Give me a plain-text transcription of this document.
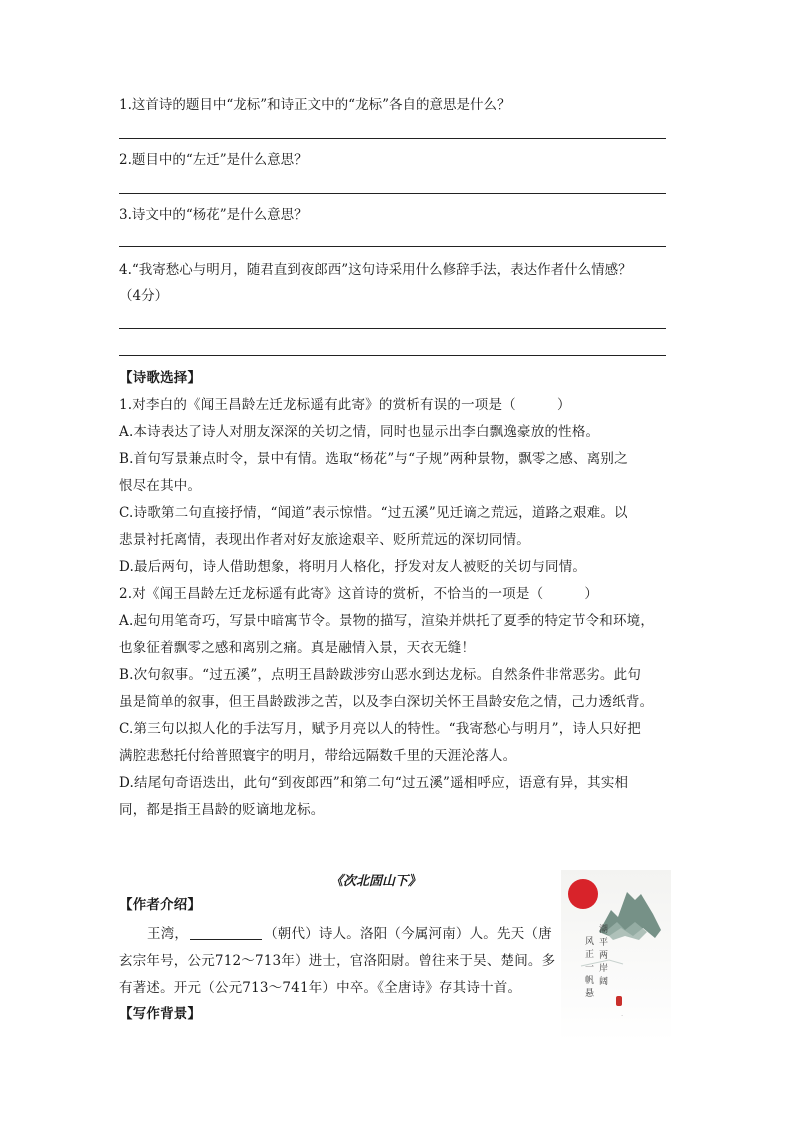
1.这首诗的题目中“龙标”和诗正文中的“龙标”各自的意思是什么？
2.题目中的“左迁”是什么意思？
3.诗文中的“杨花”是什么意思？
4.“我寄愁心与明月，随君直到夜郎西”这句诗采用什么修辞手法，表达作者什么情感？
（4分）
【诗歌选择】
1.对李白的《闻王昌龄左迁龙标遥有此寄》的赏析有误的一项是（　　　）
A.本诗表达了诗人对朋友深深的关切之情，同时也显示出李白飘逸豪放的性格。
B.首句写景兼点时令，景中有情。选取“杨花”与“子规”两种景物，飘零之感、离别之
恨尽在其中。
C.诗歌第二句直接抒情，“闻道”表示惊惜。“过五溪”见迁谪之荒远，道路之艰难。以
悲景衬托离情，表现出作者对好友旅途艰辛、贬所荒远的深切同情。
D.最后两句，诗人借助想象，将明月人格化，抒发对友人被贬的关切与同情。
2.对《闻王昌龄左迁龙标遥有此寄》这首诗的赏析，不恰当的一项是（　　　）
A.起句用笔奇巧，写景中暗寓节令。景物的描写，渲染并烘托了夏季的特定节令和环境，
也象征着飘零之感和离别之痛。真是融情入景，天衣无缝！
B.次句叙事。“过五溪”，点明王昌龄跋涉穷山恶水到达龙标。自然条件非常恶劣。此句
虽是简单的叙事，但王昌龄跋涉之苦，以及李白深切关怀王昌龄安危之情，己力透纸背。
C.第三句以拟人化的手法写月，赋予月亮以人的特性。“我寄愁心与明月”，诗人只好把
满腔悲愁托付给普照寰宇的明月，带给远隔数千里的天涯沦落人。
D.结尾句奇语迭出，此句“到夜郎西”和第二句“过五溪”遥相呼应，语意有异，其实相
同，都是指王昌龄的贬谪地龙标。
《次北固山下》
【作者介绍】
王湾，	（朝代）诗人。洛阳（今属河南）人。先天（唐
玄宗年号，公元712～713年）进士，官洛阳尉。曾往来于吴、楚间。多
有著述。开元（公元713～741年）中卒。《全唐诗》存其诗十首。
【写作背景】
风
正
一
帆
悬
潮
平
两
岸
阔
·
